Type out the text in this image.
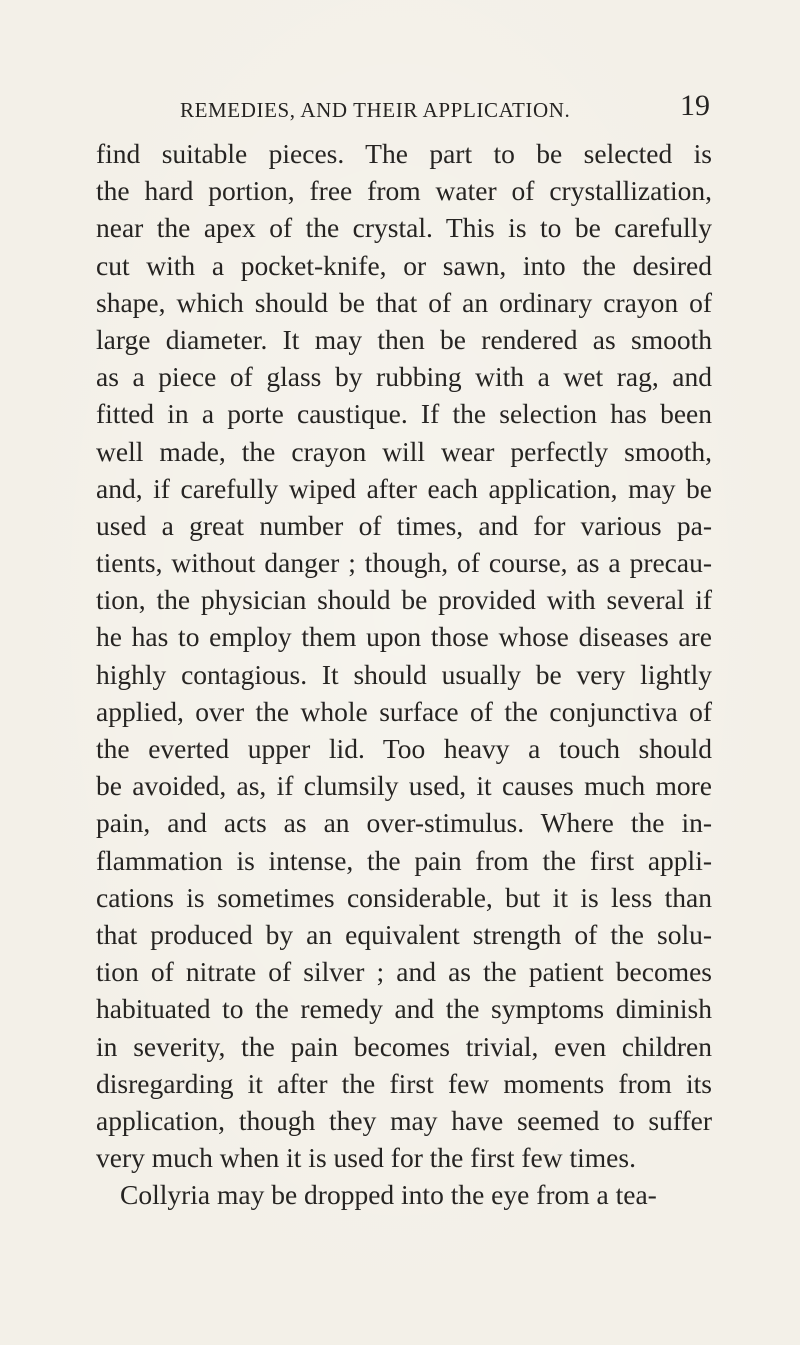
REMEDIES, AND THEIR APPLICATION.	19
find suitable pieces. The part to be selected is
the hard portion, free from water of crystallization,
near the apex of the crystal. This is to be carefully
cut with a pocket-knife, or sawn, into the desired
shape, which should be that of an ordinary crayon of
large diameter. It may then be rendered as smooth
as a piece of glass by rubbing with a wet rag, and
fitted in a porte caustique. If the selection has been
well made, the crayon will wear perfectly smooth,
and, if carefully wiped after each application, may be
used a great number of times, and for various pa-
tients, without danger ; though, of course, as a precau-
tion, the physician should be provided with several if
he has to employ them upon those whose diseases are
highly contagious. It should usually be very lightly
applied, over the whole surface of the conjunctiva of
the everted upper lid. Too heavy a touch should
be avoided, as, if clumsily used, it causes much more
pain, and acts as an over-stimulus. Where the in-
flammation is intense, the pain from the first appli-
cations is sometimes considerable, but it is less than
that produced by an equivalent strength of the solu-
tion of nitrate of silver ; and as the patient becomes
habituated to the remedy and the symptoms diminish
in severity, the pain becomes trivial, even children
disregarding it after the first few moments from its
application, though they may have seemed to suffer
very much when it is used for the first few times.
Collyria may be dropped into the eye from a tea-
